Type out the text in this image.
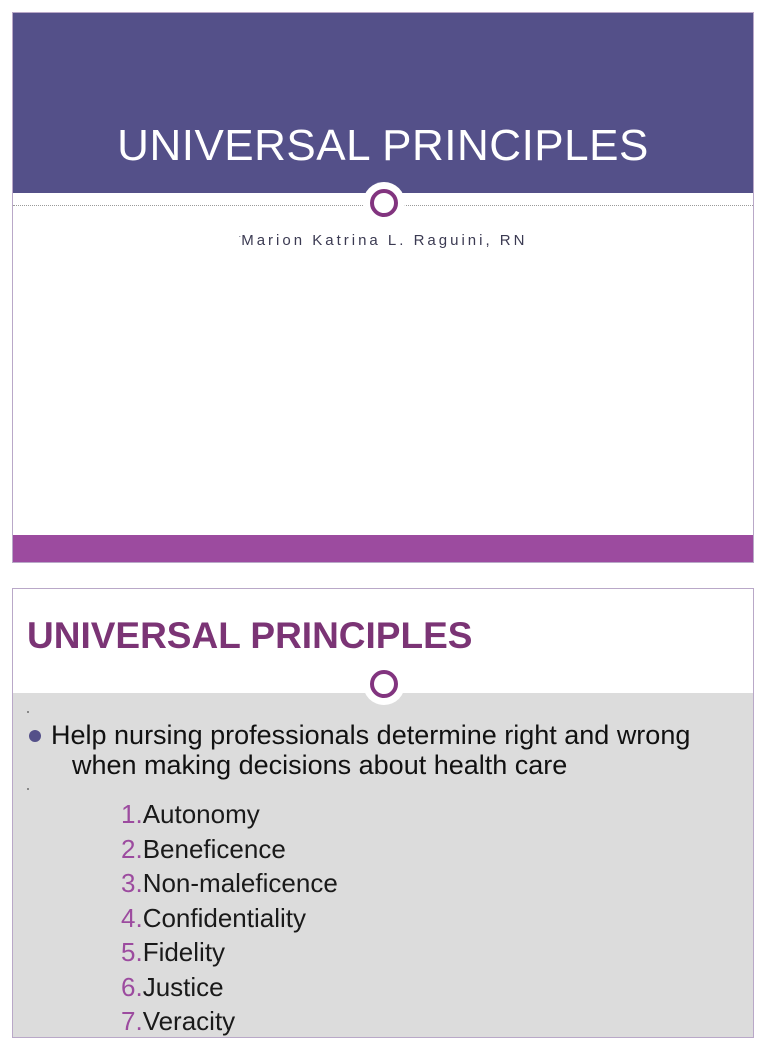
UNIVERSAL PRINCIPLES
·Marion Katrina L. Raguini, RN
UNIVERSAL PRINCIPLES
Help nursing professionals determine right and wrong
when making decisions about health care
1.Autonomy
2.Beneficence
3.Non-maleficence
4.Confidentiality
5.Fidelity
6.Justice
7.Veracity
